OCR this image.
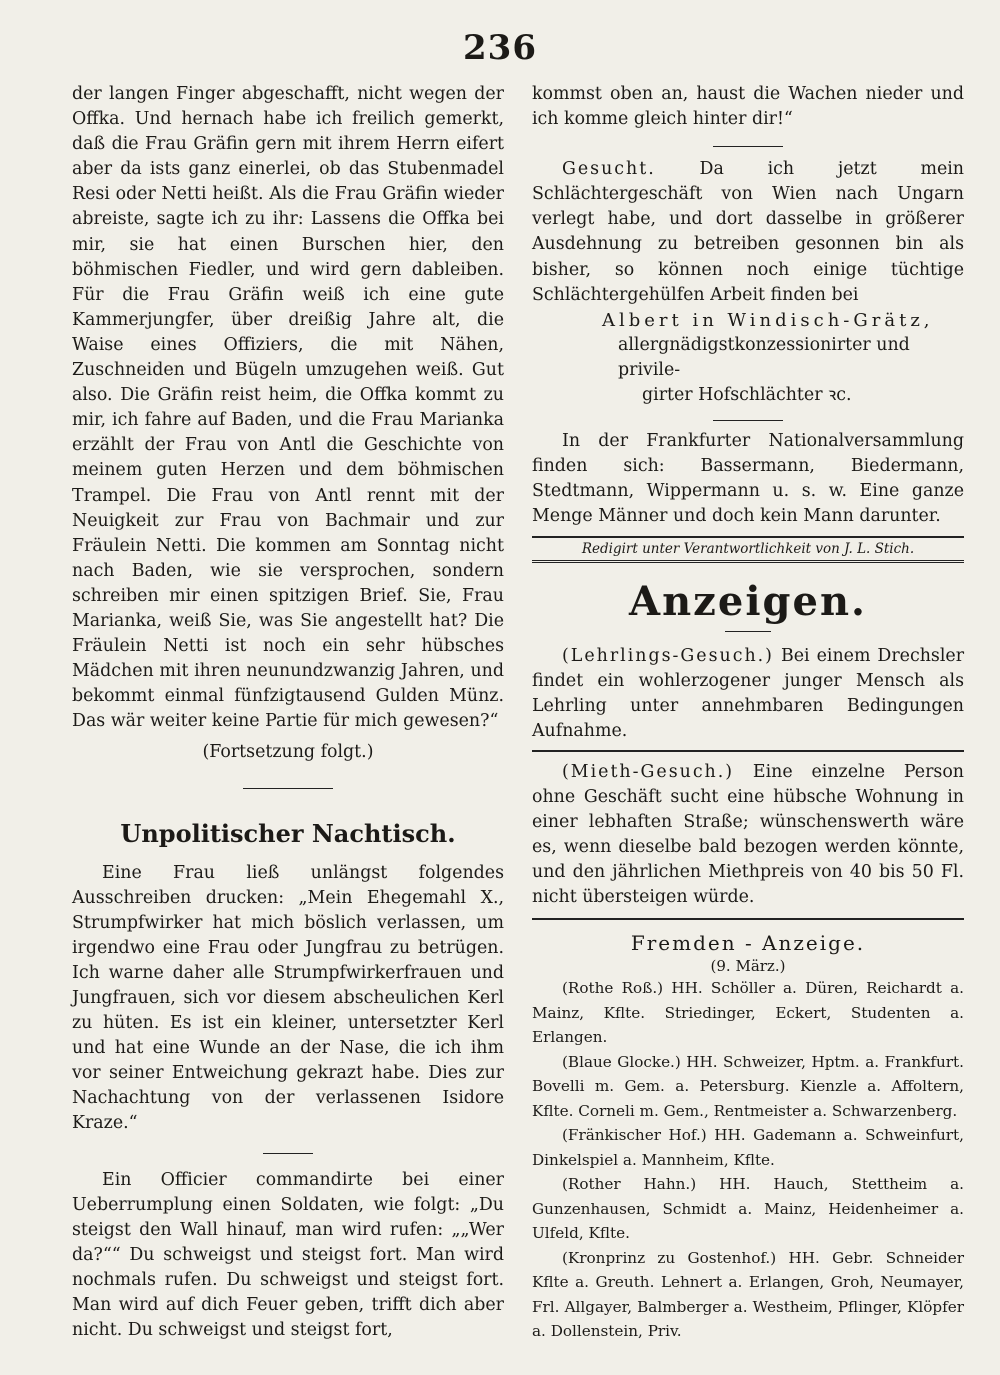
236

der langen Finger abgeschafft, nicht wegen der Offka. Und hernach habe ich freilich gemerkt, daß die Frau Gräfin gern mit ihrem Herrn eifert aber da ists ganz einerlei, ob das Stubenmadel Resi oder Netti heißt. Als die Frau Gräfin wieder abreiste, sagte ich zu ihr: Lassens die Offka bei mir, sie hat einen Burschen hier, den böhmischen Fiedler, und wird gern dableiben. Für die Frau Gräfin weiß ich eine gute Kammerjungfer, über dreißig Jahre alt, die Waise eines Offiziers, die mit Nähen, Zuschneiden und Bügeln umzugehen weiß. Gut also. Die Gräfin reist heim, die Offka kommt zu mir, ich fahre auf Baden, und die Frau Marianka erzählt der Frau von Antl die Geschichte von meinem guten Herzen und dem böhmischen Trampel. Die Frau von Antl rennt mit der Neuigkeit zur Frau von Bachmair und zur Fräulein Netti. Die kommen am Sonntag nicht nach Baden, wie sie versprochen, sondern schreiben mir einen spitzigen Brief. Sie, Frau Marianka, weiß Sie, was Sie angestellt hat? Die Fräulein Netti ist noch ein sehr hübsches Mädchen mit ihren neunundzwanzig Jahren, und bekommt einmal fünfzigtausend Gulden Münz. Das wär weiter keine Partie für mich gewesen?“

(Fortsetzung folgt.)

Unpolitischer Nachtisch.

Eine Frau ließ unlängst folgendes Ausschreiben drucken: „Mein Ehegemahl X., Strumpfwirker hat mich böslich verlassen, um irgendwo eine Frau oder Jungfrau zu betrügen. Ich warne daher alle Strumpfwirkerfrauen und Jungfrauen, sich vor diesem abscheulichen Kerl zu hüten. Es ist ein kleiner, untersetzter Kerl und hat eine Wunde an der Nase, die ich ihm vor seiner Entweichung gekrazt habe. Dies zur Nachachtung von der verlassenen Isidore Kraze.“

Ein Officier commandirte bei einer Ueberrumplung einen Soldaten, wie folgt: „Du steigst den Wall hinauf, man wird rufen: „„Wer da?““ Du schweigst und steigst fort. Man wird nochmals rufen. Du schweigst und steigst fort. Man wird auf dich Feuer geben, trifft dich aber nicht. Du schweigst und steigst fort,

kommst oben an, haust die Wachen nieder und ich komme gleich hinter dir!“

Gesucht.	Da ich jetzt mein Schlächtergeschäft von Wien nach Ungarn verlegt habe, und dort dasselbe in größerer Ausdehnung zu betreiben gesonnen bin als bisher, so können noch einige tüchtige Schlächtergehülfen Arbeit finden bei

Albert in Windisch-Grätz,

allergnädigstkonzessionirter und privile-

girter Hofschlächter ꝛc.

In der Frankfurter Nationalversammlung finden sich: Bassermann, Biedermann, Stedtmann, Wippermann u. s. w. Eine ganze Menge Männer und doch kein Mann darunter.

Redigirt unter Verantwortlichkeit von J. L. Stich.

Anzeigen.

(Lehrlings-Gesuch.) Bei einem Drechsler findet ein wohlerzogener junger Mensch als Lehrling unter annehmbaren Bedingungen Aufnahme.

(Mieth-Gesuch.) Eine einzelne Person ohne Geschäft sucht eine hübsche Wohnung in einer lebhaften Straße; wünschenswerth wäre es, wenn dieselbe bald bezogen werden könnte, und den jährlichen Miethpreis von 40 bis 50 Fl. nicht übersteigen würde.

Fremden - Anzeige.

(9. März.)

(Rothe Roß.) HH. Schöller a. Düren, Reichardt a. Mainz, Kflte. Striedinger, Eckert, Studenten a. Erlangen.

(Blaue Glocke.) HH. Schweizer, Hptm. a. Frankfurt. Bovelli m. Gem. a. Petersburg. Kienzle a. Affoltern, Kflte. Corneli m. Gem., Rentmeister a. Schwarzenberg.

(Fränkischer Hof.) HH. Gademann a. Schweinfurt, Dinkelspiel a. Mannheim, Kflte.

(Rother Hahn.) HH. Hauch, Stettheim a. Gunzenhausen, Schmidt a. Mainz, Heidenheimer a. Ulfeld, Kflte.

(Kronprinz zu Gostenhof.) HH. Gebr. Schneider Kflte a. Greuth. Lehnert a. Erlangen, Groh, Neumayer, Frl. Allgayer, Balmberger a. Westheim, Pflinger, Klöpfer a. Dollenstein, Priv.
